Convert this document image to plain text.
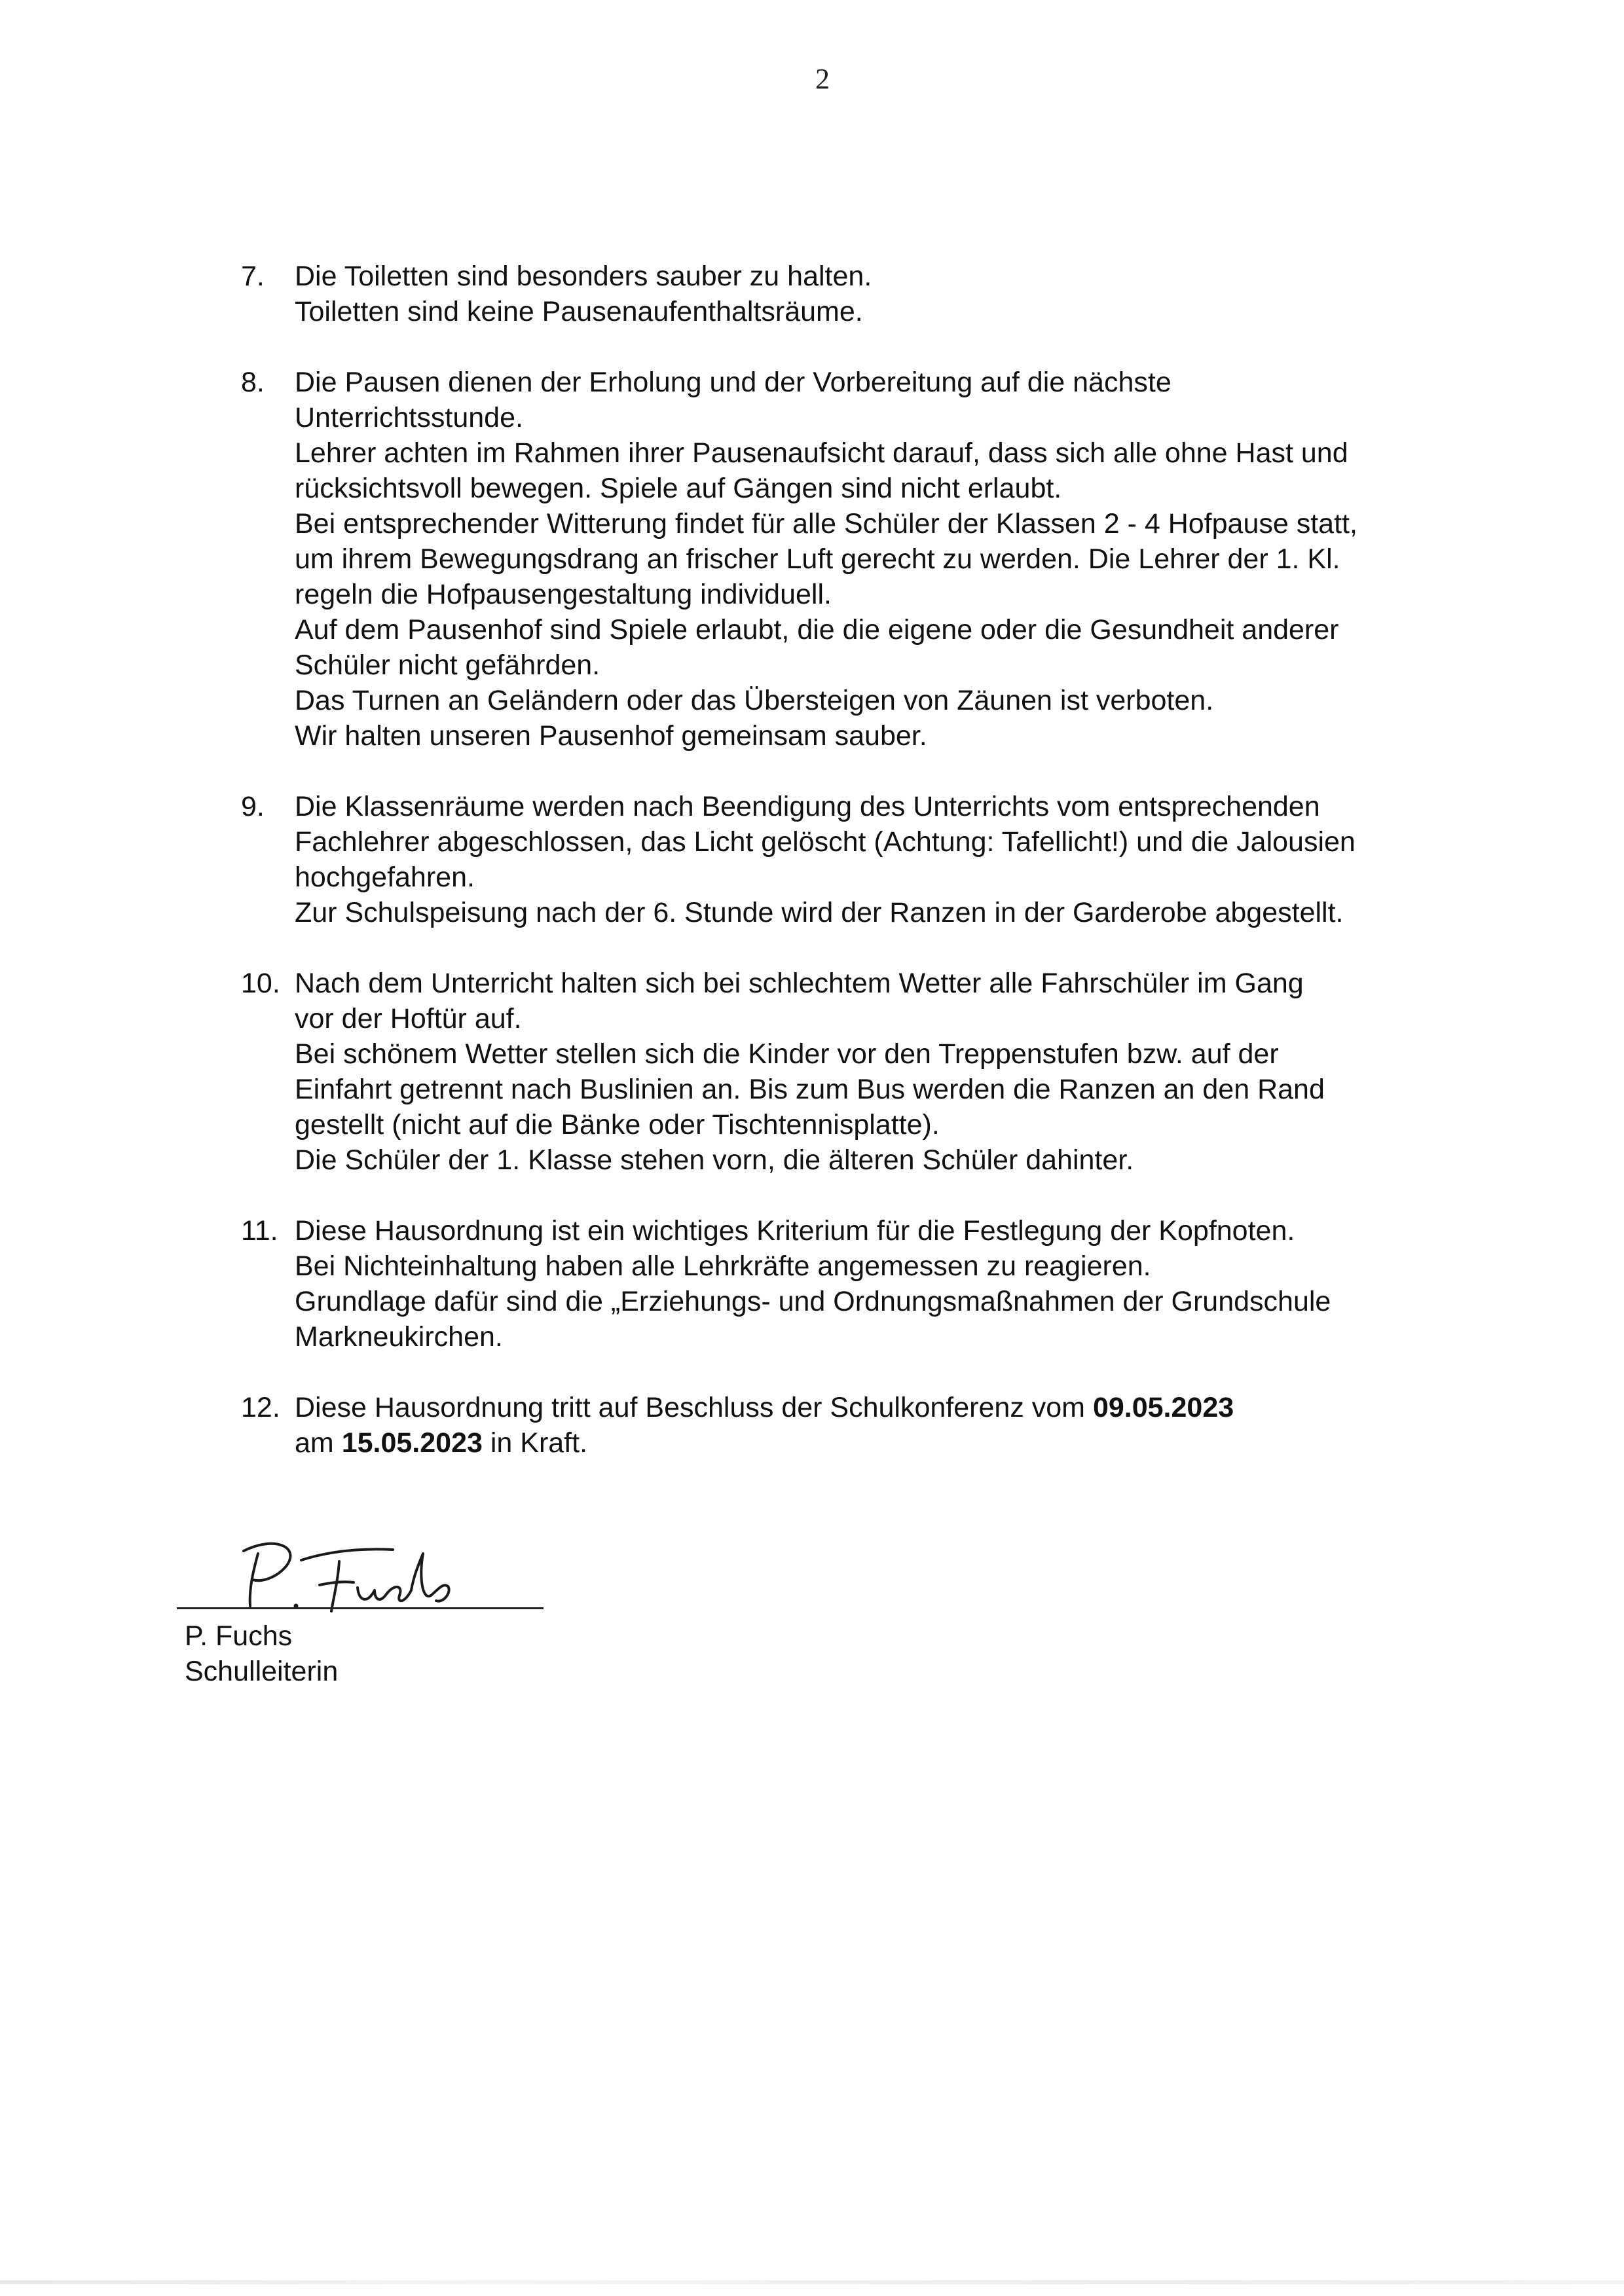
2
7.	Die Toiletten sind besonders sauber zu halten.
Toiletten sind keine Pausenaufenthaltsräume.
8.	Die Pausen dienen der Erholung und der Vorbereitung auf die nächste
Unterrichtsstunde.
Lehrer achten im Rahmen ihrer Pausenaufsicht darauf, dass sich alle ohne Hast und
rücksichtsvoll bewegen. Spiele auf Gängen sind nicht erlaubt.
Bei entsprechender Witterung findet für alle Schüler der Klassen 2 - 4 Hofpause statt,
um ihrem Bewegungsdrang an frischer Luft gerecht zu werden. Die Lehrer der 1. Kl.
regeln die Hofpausengestaltung individuell.
Auf dem Pausenhof sind Spiele erlaubt, die die eigene oder die Gesundheit anderer
Schüler nicht gefährden.
Das Turnen an Geländern oder das Übersteigen von Zäunen ist verboten.
Wir halten unseren Pausenhof gemeinsam sauber.
9.	Die Klassenräume werden nach Beendigung des Unterrichts vom entsprechenden
Fachlehrer abgeschlossen, das Licht gelöscht (Achtung: Tafellicht!) und die Jalousien
hochgefahren.
Zur Schulspeisung nach der 6. Stunde wird der Ranzen in der Garderobe abgestellt.
10. Nach dem Unterricht halten sich bei schlechtem Wetter alle Fahrschüler im Gang
vor der Hoftür auf.
Bei schönem Wetter stellen sich die Kinder vor den Treppenstufen bzw. auf der
Einfahrt getrennt nach Buslinien an. Bis zum Bus werden die Ranzen an den Rand
gestellt (nicht auf die Bänke oder Tischtennisplatte).
Die Schüler der 1. Klasse stehen vorn, die älteren Schüler dahinter.
11. Diese Hausordnung ist ein wichtiges Kriterium für die Festlegung der Kopfnoten.
Bei Nichteinhaltung haben alle Lehrkräfte angemessen zu reagieren.
Grundlage dafür sind die „Erziehungs- und Ordnungsmaßnahmen der Grundschule
Markneukirchen.
12. Diese Hausordnung tritt auf Beschluss der Schulkonferenz vom 09.05.2023
am 15.05.2023 in Kraft.
P. Fuchs
Schulleiterin
